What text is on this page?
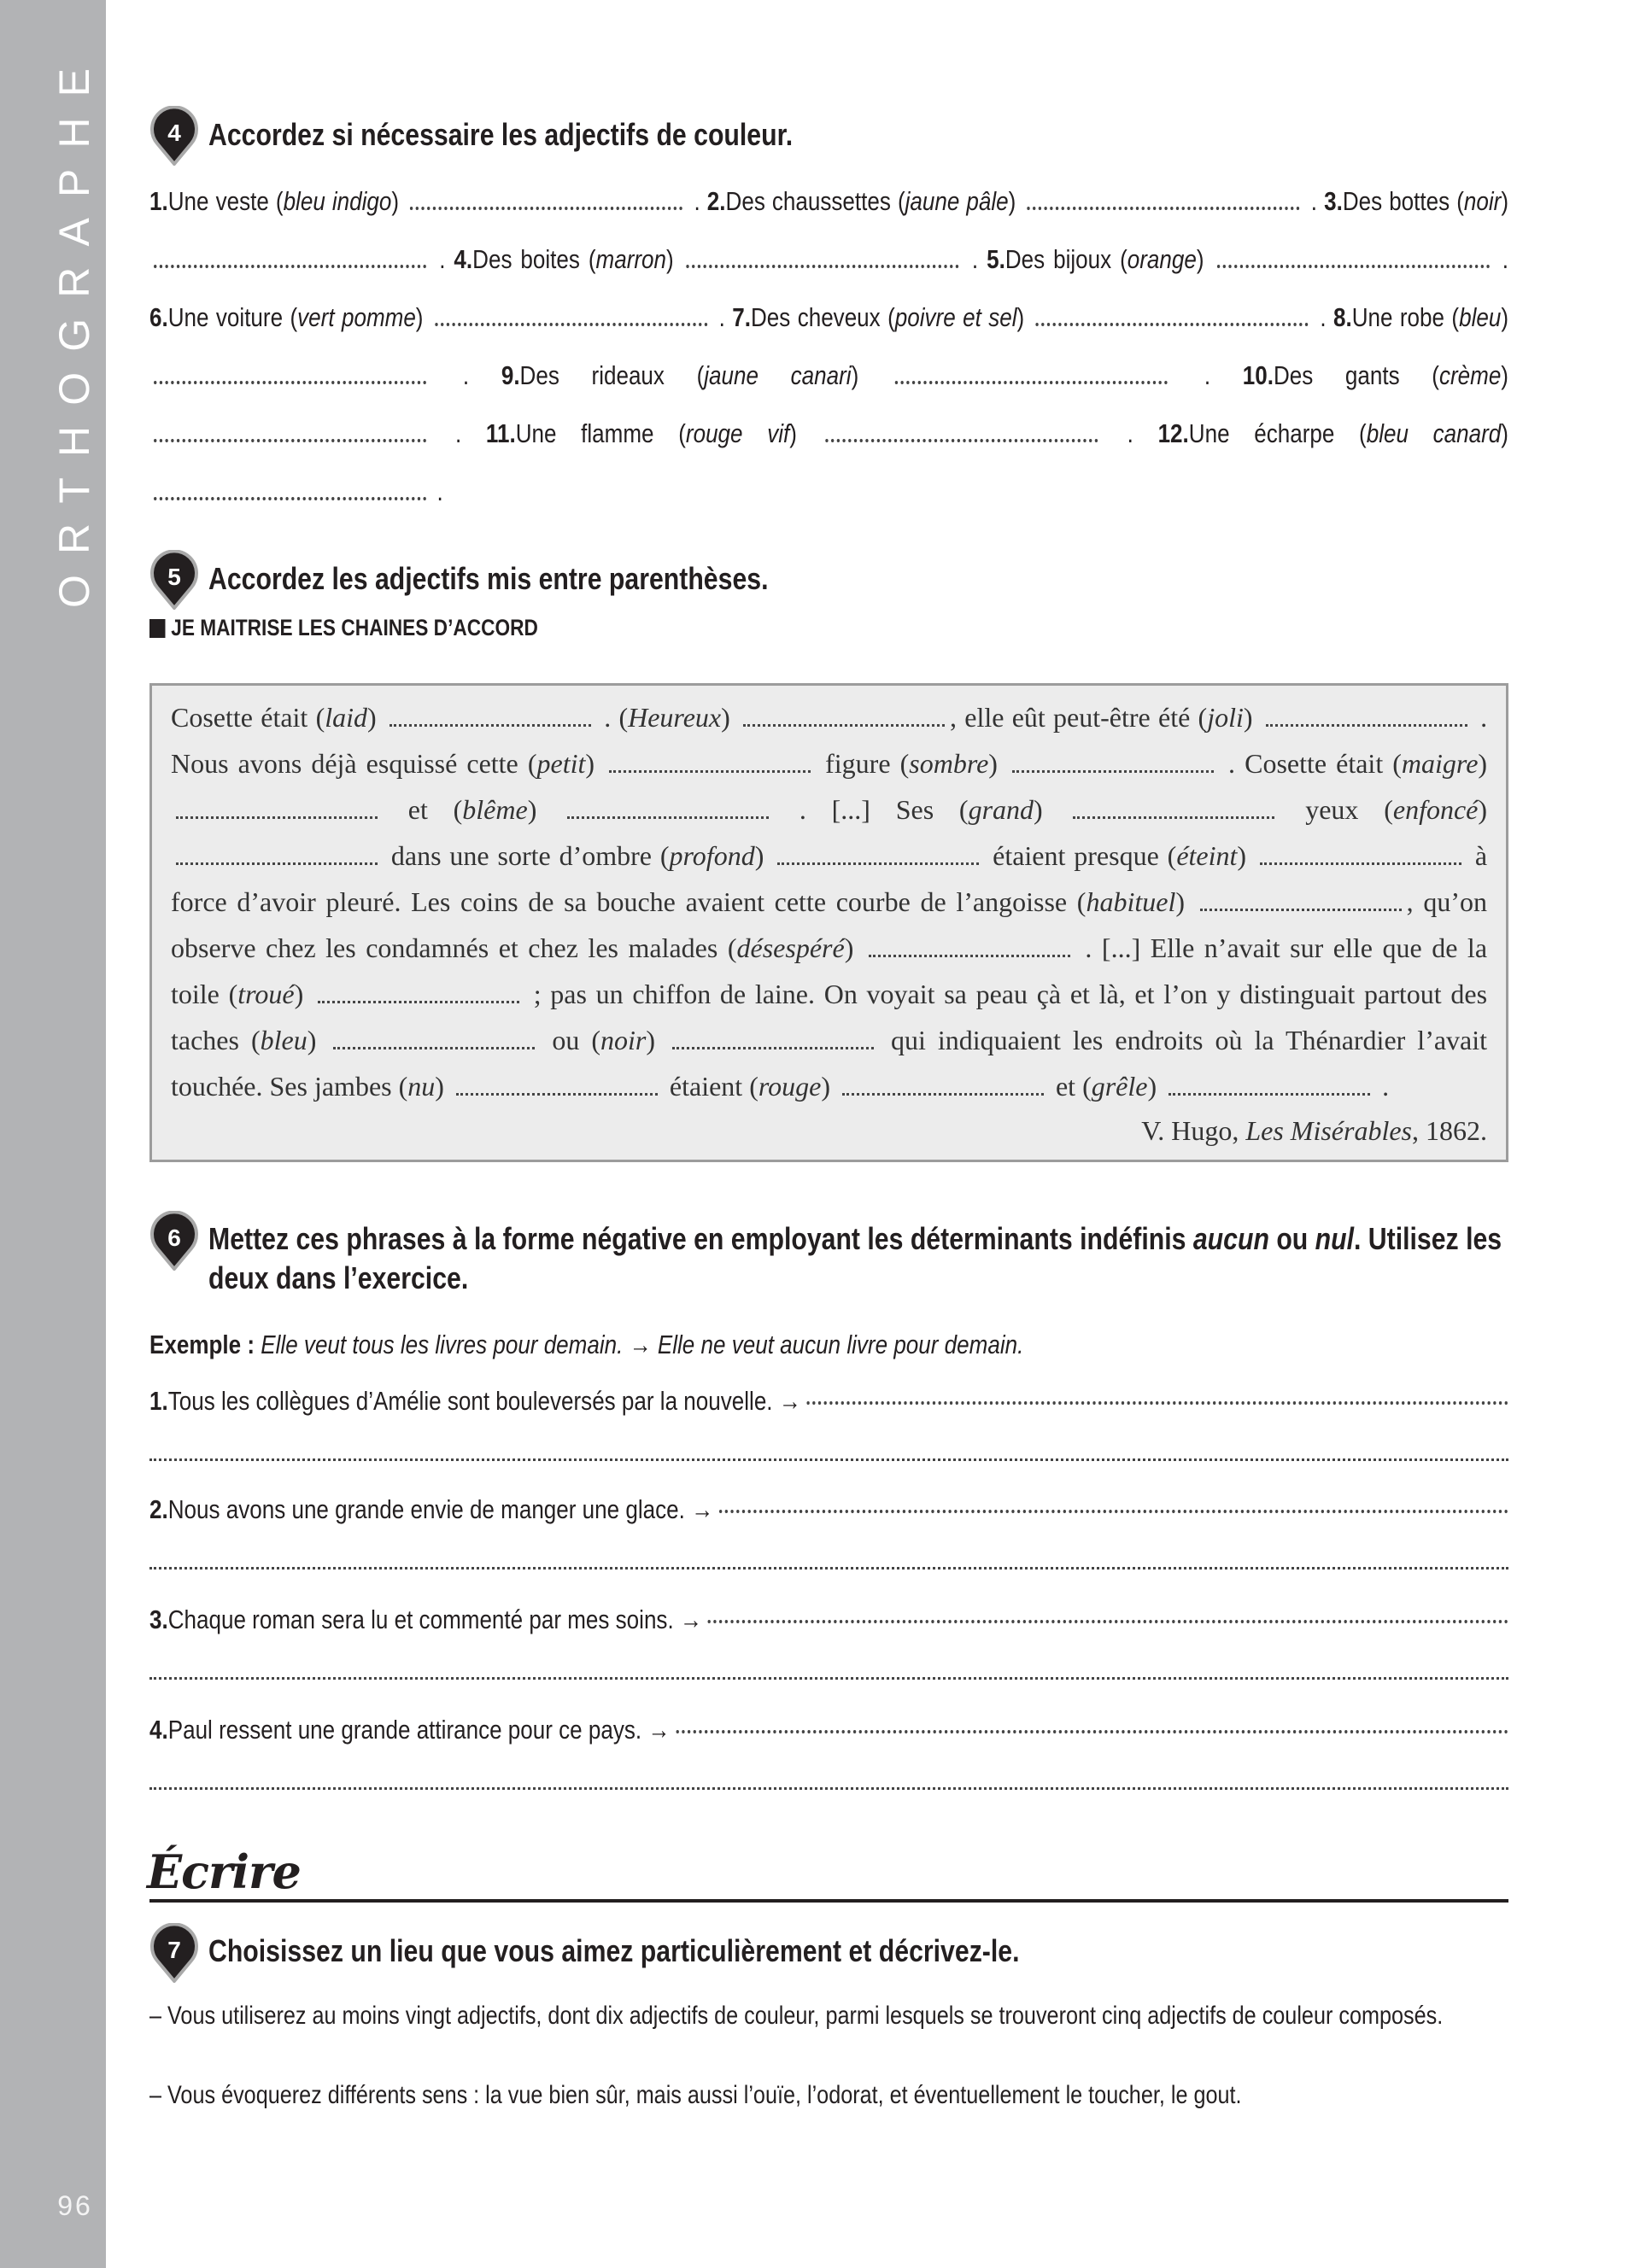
ORTHOGRAPHE
96
4 Accordez si nécessaire les adjectifs de couleur.
1.Une veste (bleu indigo)	. 2.Des chaussettes (jaune pâle)	. 3.Des bottes (noir)  . 4.Des boites (marron)	. 5.Des bijoux (orange)	. 6.Une voiture (vert pomme)	. 7.Des cheveux (poivre et sel)	. 8.Une robe (bleu)  . 9.Des rideaux (jaune canari)	. 10.Des gants (crème)  . 11.Une flamme (rouge vif)	. 12.Une écharpe (bleu canard)  .
5 Accordez les adjectifs mis entre parenthèses.
JE MAITRISE LES CHAINES D’ACCORD
Cosette était (laid)	. (Heureux)	, elle eût peut-être été (joli)	. Nous avons déjà esquissé cette (petit)	figure (sombre)	. Cosette était (maigre)  et (blême)	. [...] Ses (grand)	yeux (enfoncé)  dans une sorte d’ombre (profond)	étaient presque (éteint)	à force d’avoir pleuré. Les coins de sa bouche avaient cette courbe de l’angoisse (habituel)	, qu’on observe chez les condamnés et chez les malades (désespéré)	. [...] Elle n’avait sur elle que de la toile (troué)	; pas un chiffon de laine. On voyait sa peau çà et là, et l’on y distinguait partout des taches (bleu)	ou (noir)	qui indiquaient les endroits où la Thénardier l’avait touchée. Ses jambes (nu)	étaient (rouge)	et (grêle)	.
V. Hugo, Les Misérables, 1862.
6 Mettez ces phrases à la forme négative en employant les déterminants indéfinis aucun ou nul. Utilisez les deux dans l’exercice.
Exemple : Elle veut tous les livres pour demain. → Elle ne veut aucun livre pour demain.
1. Tous les collègues d’Amélie sont bouleversés par la nouvelle. →
2. Nous avons une grande envie de manger une glace. →
3. Chaque roman sera lu et commenté par mes soins. →
4. Paul ressent une grande attirance pour ce pays. →
Écrire
7 Choisissez un lieu que vous aimez particulièrement et décrivez-le.
– Vous utiliserez au moins vingt adjectifs, dont dix adjectifs de couleur, parmi lesquels se trouveront cinq adjectifs de couleur composés.
– Vous évoquerez différents sens : la vue bien sûr, mais aussi l’ouïe, l’odorat, et éventuellement le toucher, le gout.
